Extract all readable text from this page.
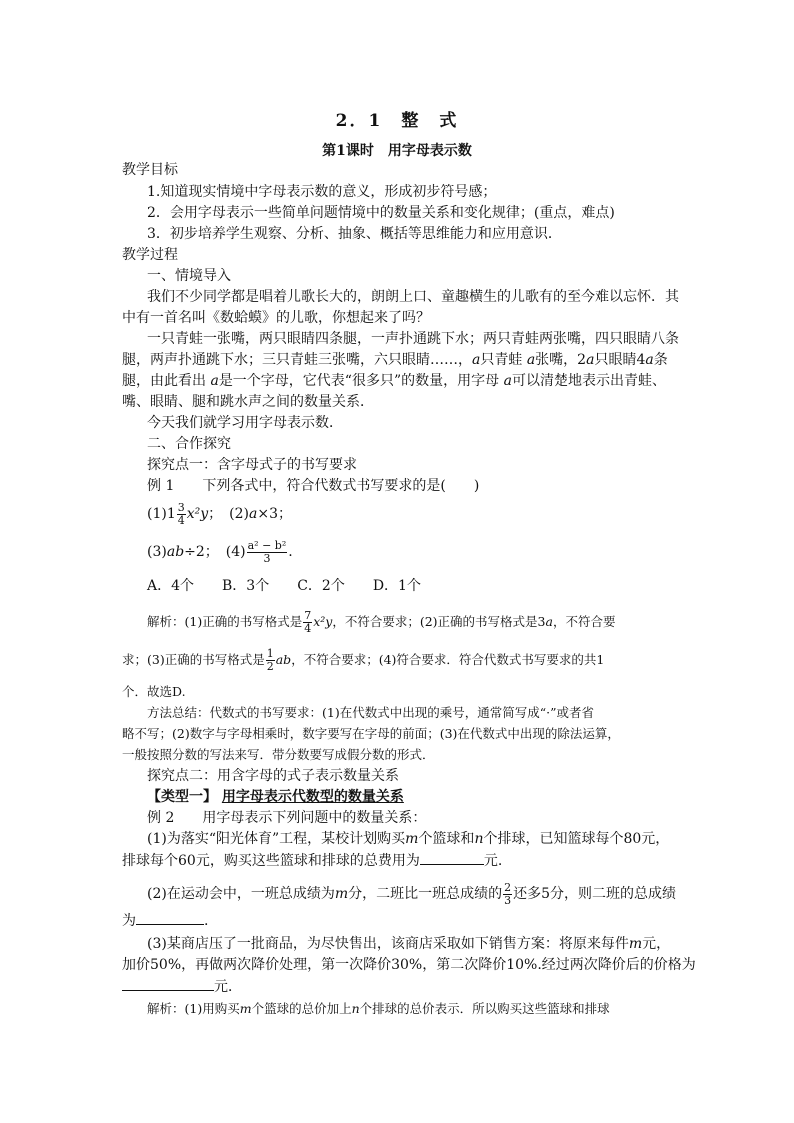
2．1　整　式
第1课时　用字母表示数
教学目标
1.知道现实情境中字母表示数的意义，形成初步符号感；
2．会用字母表示一些简单问题情境中的数量关系和变化规律；(重点，难点)
3．初步培养学生观察、分析、抽象、概括等思维能力和应用意识．
教学过程
一、情境导入
我们不少同学都是唱着儿歌长大的，朗朗上口、童趣横生的儿歌有的至今难以忘怀．其
中有一首名叫《数蛤蟆》的儿歌，你想起来了吗？
一只青蛙一张嘴，两只眼睛四条腿，一声扑通跳下水；两只青蛙两张嘴，四只眼睛八条
腿，两声扑通跳下水；三只青蛙三张嘴，六只眼睛……，a只青蛙 a张嘴，2a只眼睛4a条
腿，由此看出 a是一个字母，它代表“很多只”的数量，用字母 a可以清楚地表示出青蛙、
嘴、眼睛、腿和跳水声之间的数量关系．
今天我们就学习用字母表示数．
二、合作探究
探究点一：含字母式子的书写要求
例 1　　下列各式中，符合代数式书写要求的是(　　)
$(1)1 \frac{3}{4} x^2y$；　(2)a×3；
(3)ab÷2；　$(4) \frac{\text{a² − b²}}{3}$ .
A．4个　　B．3个　　C．2个　　D．1个
解析：(1)正确的书写格式是 $\frac{7}{4} x^2y$，不符合要求；(2)正确的书写格式是3a，不符合要
求；(3)正确的书写格式是 $\frac{1}{2}$ ab，不符合要求；(4)符合要求．符合代数式书写要求的共1
个．故选D.
方法总结：代数式的书写要求：(1)在代数式中出现的乘号，通常简写成“·”或者省
略不写；(2)数字与字母相乘时，数字要写在字母的前面；(3)在代数式中出现的除法运算，
一般按照分数的写法来写．带分数要写成假分数的形式．
探究点二：用含字母的式子表示数量关系
【类型一】 用字母表示代数型的数量关系
例 2　　用字母表示下列问题中的数量关系：
(1)为落实“阳光体育”工程，某校计划购买m个篮球和n个排球，已知篮球每个80元，
排球每个60元，购买这些篮球和排球的总费用为	元.
(2)在运动会中，一班总成绩为m分，二班比一班总成绩的 $\frac{2}{3}$ 还多5分，则二班的总成绩
为	.
(3)某商店压了一批商品，为尽快售出，该商店采取如下销售方案：将原来每件m元，
加价50%，再做两次降价处理，第一次降价30%，第二次降价10%.经过两次降价后的价格为
元．
解析：(1)用购买m个篮球的总价加上n个排球的总价表示．所以购买这些篮球和排球
